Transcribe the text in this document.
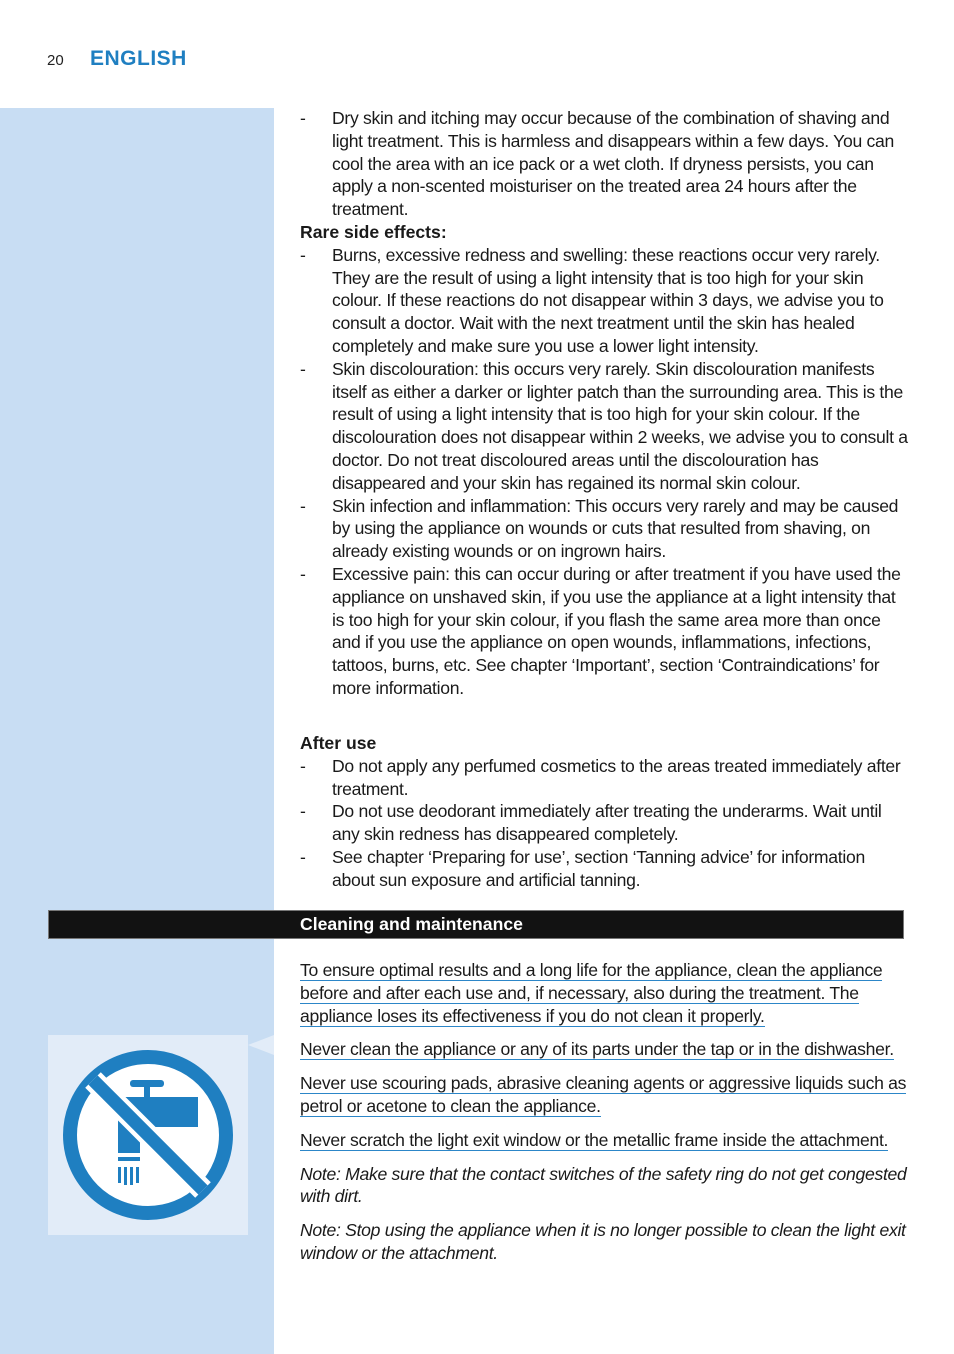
20 ENGLISH
- Dry skin and itching may occur because of the combination of shaving and light treatment. This is harmless and disappears within a few days. You can cool the area with an ice pack or a wet cloth. If dryness persists, you can apply a non-scented moisturiser on the treated area 24 hours after the treatment.
Rare side effects:
- Burns, excessive redness and swelling: these reactions occur very rarely. They are the result of using a light intensity that is too high for your skin colour. If these reactions do not disappear within 3 days, we advise you to consult a doctor. Wait with the next treatment until the skin has healed completely and make sure you use a lower light intensity.
- Skin discolouration: this occurs very rarely. Skin discolouration manifests itself as either a darker or lighter patch than the surrounding area. This is the result of using a light intensity that is too high for your skin colour. If the discolouration does not disappear within 2 weeks, we advise you to consult a doctor. Do not treat discoloured areas until the discolouration has disappeared and your skin has regained its normal skin colour.
- Skin infection and inflammation: This occurs very rarely and may be caused by using the appliance on wounds or cuts that resulted from shaving, on already existing wounds or on ingrown hairs.
- Excessive pain: this can occur during or after treatment if you have used the appliance on unshaved skin, if you use the appliance at a light intensity that is too high for your skin colour, if you flash the same area more than once and if you use the appliance on open wounds, inflammations, infections, tattoos, burns, etc. See chapter ‘Important’, section ‘Contraindications’ for more information.
After use
- Do not apply any perfumed cosmetics to the areas treated immediately after treatment.
- Do not use deodorant immediately after treating the underarms. Wait until any skin redness has disappeared completely.
- See chapter ‘Preparing for use’, section ‘Tanning advice’ for information about sun exposure and artificial tanning.
Cleaning and maintenance

To ensure optimal results and a long life for the appliance, clean the appliance before and after each use and, if necessary, also during the treatment. The appliance loses its effectiveness if you do not clean it properly.

Never clean the appliance or any of its parts under the tap or in the dishwasher.

Never use scouring pads, abrasive cleaning agents or aggressive liquids such as petrol or acetone to clean the appliance.

Never scratch the light exit window or the metallic frame inside the attachment.

Note: Make sure that the contact switches of the safety ring do not get congested with dirt.

Note: Stop using the appliance when it is no longer possible to clean the light exit window or the attachment.
